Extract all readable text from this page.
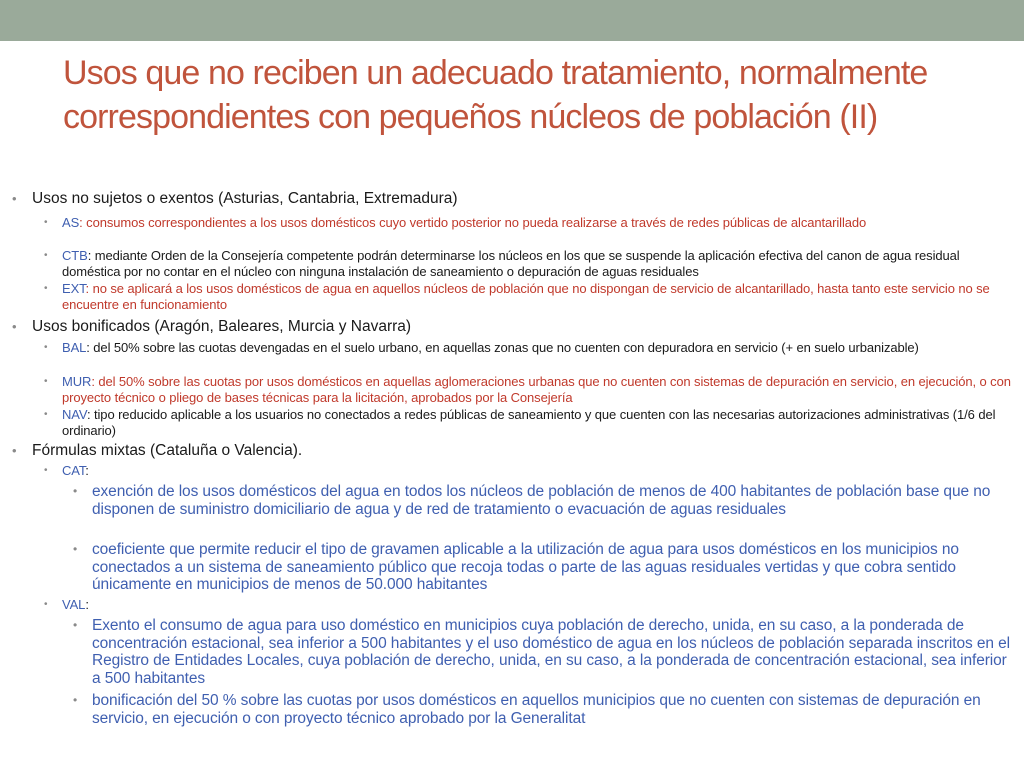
Usos que no reciben un adecuado tratamiento, normalmente correspondientes con pequeños núcleos de población (II)
• Usos no sujetos o exentos (Asturias, Cantabria, Extremadura)
• AS: consumos correspondientes a los usos domésticos cuyo vertido posterior no pueda realizarse a través de redes públicas de alcantarillado
• CTB: mediante Orden de la Consejería competente podrán determinarse los núcleos en los que se suspende la aplicación efectiva del canon de agua residual doméstica por no contar en el núcleo con ninguna instalación de saneamiento o depuración de aguas residuales
• EXT: no se aplicará a los usos domésticos de agua en aquellos núcleos de población que no dispongan de servicio de alcantarillado, hasta tanto este servicio no se encuentre en funcionamiento
• Usos bonificados (Aragón, Baleares, Murcia y Navarra)
• BAL: del 50% sobre las cuotas devengadas en el suelo urbano, en aquellas zonas que no cuenten con depuradora en servicio (+ en suelo urbanizable)
• MUR: del 50% sobre las cuotas por usos domésticos en aquellas aglomeraciones urbanas que no cuenten con sistemas de depuración en servicio, en ejecución, o con proyecto técnico o pliego de bases técnicas para la licitación, aprobados por la Consejería
• NAV: tipo reducido aplicable a los usuarios no conectados a redes públicas de saneamiento y que cuenten con las necesarias autorizaciones administrativas (1/6 del ordinario)
• Fórmulas mixtas (Cataluña o Valencia).
• CAT:
• exención de los usos domésticos del agua en todos los núcleos de población de menos de 400 habitantes de población base que no disponen de suministro domiciliario de agua y de red de tratamiento o evacuación de aguas residuales
• coeficiente que permite reducir el tipo de gravamen aplicable a la utilización de agua para usos domésticos en los municipios no conectados a un sistema de saneamiento público que recoja todas o parte de las aguas residuales vertidas y que cobra sentido únicamente en municipios de menos de 50.000 habitantes
• VAL:
• Exento el consumo de agua para uso doméstico en municipios cuya población de derecho, unida, en su caso, a la ponderada de concentración estacional, sea inferior a 500 habitantes y el uso doméstico de agua en los núcleos de población separada inscritos en el Registro de Entidades Locales, cuya población de derecho, unida, en su caso, a la ponderada de concentración estacional, sea inferior a 500 habitantes
• bonificación del 50 % sobre las cuotas por usos domésticos en aquellos municipios que no cuenten con sistemas de depuración en servicio, en ejecución o con proyecto técnico aprobado por la Generalitat
